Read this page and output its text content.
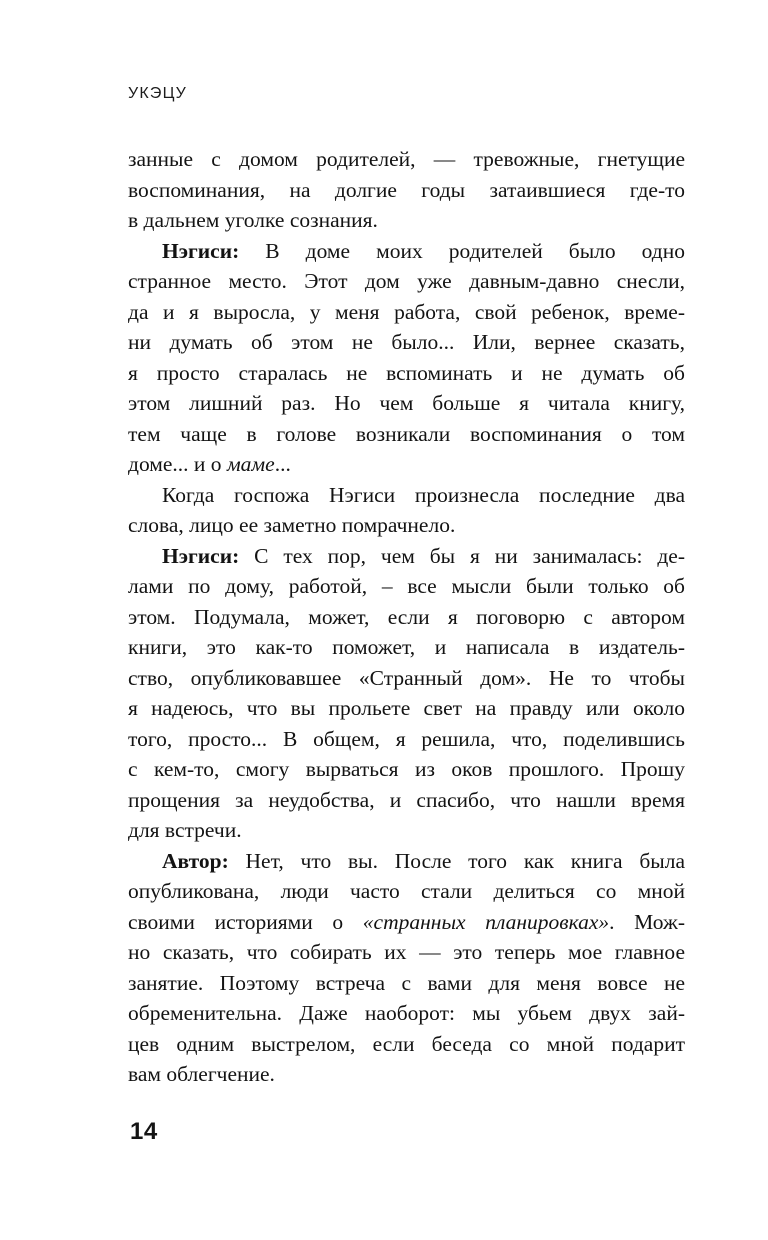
УКЭЦУ
занные с домом родителей, — тревожные, гнетущие
воспоминания, на долгие годы затаившиеся где-то
в дальнем уголке сознания.
Нэгиси: В доме моих родителей было одно
странное место. Этот дом уже давным-давно снесли,
да и я выросла, у меня работа, свой ребенок, време-
ни думать об этом не было... Или, вернее сказать,
я просто старалась не вспоминать и не думать об
этом лишний раз. Но чем больше я читала книгу,
тем чаще в голове возникали воспоминания о том
доме... и о маме...
Когда госпожа Нэгиси произнесла последние два
слова, лицо ее заметно помрачнело.
Нэгиси: С тех пор, чем бы я ни занималась: де-
лами по дому, работой, – все мысли были только об
этом. Подумала, может, если я поговорю с автором
книги, это как-то поможет, и написала в издатель-
ство, опубликовавшее «Странный дом». Не то чтобы
я надеюсь, что вы прольете свет на правду или около
того, просто... В общем, я решила, что, поделившись
с кем-то, смогу вырваться из оков прошлого. Прошу
прощения за неудобства, и спасибо, что нашли время
для встречи.
Автор: Нет, что вы. После того как книга была
опубликована, люди часто стали делиться со мной
своими историями о «странных планировках». Мож-
но сказать, что собирать их — это теперь мое главное
занятие. Поэтому встреча с вами для меня вовсе не
обременительна. Даже наоборот: мы убьем двух зай-
цев одним выстрелом, если беседа со мной подарит
вам облегчение.
14
